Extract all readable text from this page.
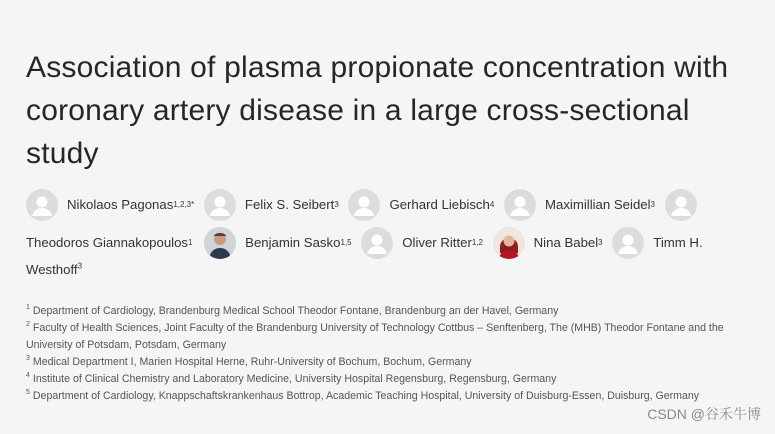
Association of plasma propionate concentration with coronary artery disease in a large cross-sectional study
Nikolaos Pagonas 1,2,3*
	Felix S. Seibert 3
	Gerhard Liebisch 4
	Maximillian Seidel 3

Theodoros Giannakopoulos 1
	Benjamin Sasko 1,5
	Oliver Ritter 1,2
	Nina Babel 3
	Timm H.
Westhoff$^3$
$^1$ Department of Cardiology, Brandenburg Medical School Theodor Fontane, Brandenburg an der Havel, Germany
$^2$ Faculty of Health Sciences, Joint Faculty of the Brandenburg University of Technology Cottbus – Senftenberg, The (MHB) Theodor Fontane and the University of Potsdam, Potsdam, Germany
$^3$ Medical Department I, Marien Hospital Herne, Ruhr-University of Bochum, Bochum, Germany
$^4$ Institute of Clinical Chemistry and Laboratory Medicine, University Hospital Regensburg, Regensburg, Germany
$^5$ Department of Cardiology, Knappschaftskrankenhaus Bottrop, Academic Teaching Hospital, University of Duisburg-Essen, Duisburg, Germany
CSDN @谷禾牛博
